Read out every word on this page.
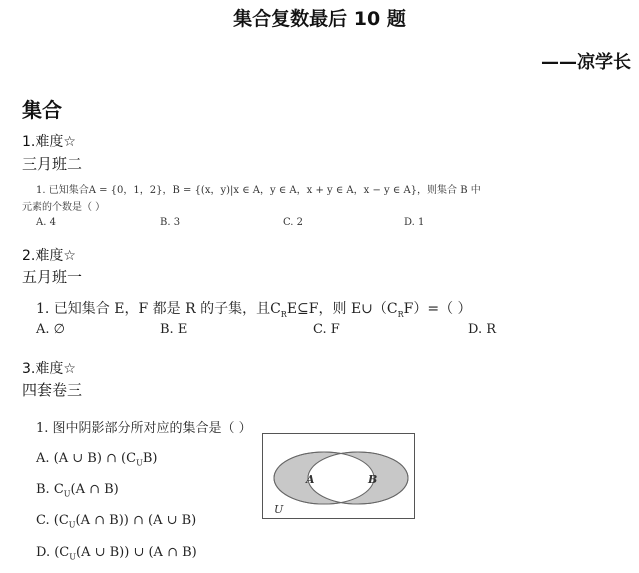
集合复数最后 10 题
——凉学长
集合
1.难度☆
三月班二
1. 已知集合A = {0，1，2}，B = {(x，y)|x ∈ A，y ∈ A，x + y ∈ A，x − y ∈ A}，则集合 B 中
元素的个数是（ ）
A. 4	B. 3	C. 2	D. 1
2.难度☆
五月班一
1. 已知集合 E，F 都是 R 的子集，且$C_RE⊆F$，则 $E\cup(C_RF)=$（ ）
A. ∅	B. E	C. F	D. R
3.难度☆
四套卷三
1. 图中阴影部分所对应的集合是（ ）
A. (A ∪ B) ∩ $(C_UB)$
B. $C_U(A$ ∩ B)
C. ($C_U(A$ ∩ B)) ∩ (A ∪ B)
D. ($C_U(A$ ∪ B)) ∪ (A ∩ B)
A	B
U
